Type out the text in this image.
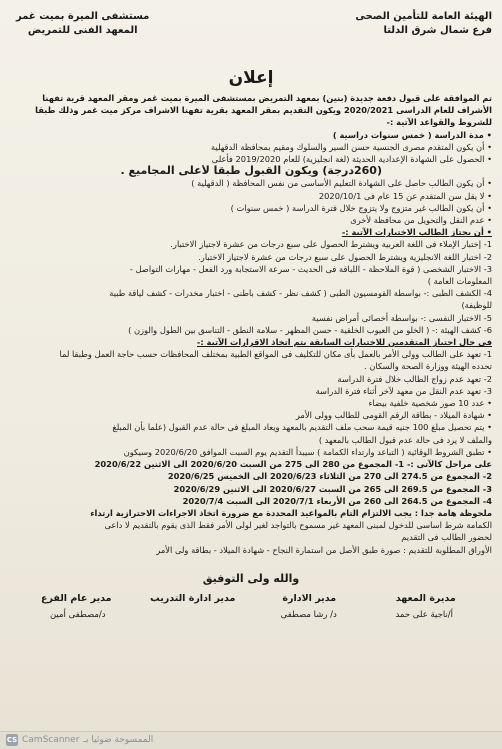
الهيئة العامة للتأمين الصحى
فرع شمال شرق الدلتا
مستشفى الميرة بميت غمر
المعهد الفنى للتمريض
إعلان
تم الموافقة على قبول دفعة جديدة (بنين) بمعهد التمريض بمستشفى الميرة بميت غمر ومقر المعهد قرية تفهنا
الأشراف للعام الدراسى 2020/2021 ويكون التقديم بمقر المعهد بقرية تفهنا الاشراف مركز ميت غمر وذلك طبقا
للشروط والقواعد الآتية :-
• مدة الدراسة ( خمس سنوات دراسية )
• أن يكون المتقدم مصرى الجنسية حسن السير والسلوك ومقيم بمحافظة الدقهلية
• الحصول على الشهادة الإعدادية الحديثة (لغة انجليزية) للعام 2019/2020 فأعلى
(260درجة) ويكون القبول طبقا لأعلى المجاميع .
• أن يكون الطالب حاصل على الشهادة التعليم الأساسى من نفس المحافظة ( الدقهلية )
• لا يقل سن المتقدم عن 15 عام فى 2020/10/1
• أن يكون الطالب غير متزوج ولا يتزوج خلال فترة الدراسة ( خمس سنوات )
• عدم النقل والتحويل من محافظة لأخرى
• أن يجتاز الطالب الاختبارات الآتية :-
1- إختبار الإملاء فى اللغة العربية ويشترط الحصول على سبع درجات من عشرة لاجتياز الاختبار.
2- اختبار اللغة الانجليزية ويشترط الحصول على سبع درجات من عشرة لاجتياز الاختبار.
3- الاختبار الشخصى ( قوة الملاحظة - اللباقة فى الحديث - سرعة الاستجابة ورد الفعل - مهارات التواصل -
المعلومات العامة )
4- الكشف الطبى :- بواسطة القومسيون الطبى ( كشف نظر - كشف باطنى - اختبار مخدرات - كشف لياقة طبية
للوظيفة)
5- الاختبار النفسى :- بواسطة أخصائى أمراض نفسية
6- كشف الهيئة :- ( الخلو من العيوب الخلقية - حسن المظهر - سلامة النطق - التناسق بين الطول والوزن )
فى حال اجتياز المتقدمين للاختبارات السابقة يتم اتخاذ الاقرارات الآتية :-
1- تعهد على الطالب وولى الأمر بالعمل بأى مكان للتكليف فى المواقع الطبية بمختلف المحافظات حسب حاجة العمل وطبقا لما
تحدده الهيئة ووزارة الصحة والسكان .
2- تعهد عدم زواج الطالب خلال فترة الدراسة
3- تعهد عدم النقل من معهد لآخر أثناء فترة الدراسة
• عدد 10 صور شخصية خلفية بيضاء
• شهادة الميلاد - بطاقة الرقم القومى للطالب وولى الأمر
• يتم تحصيل مبلغ 100 جنيه قيمة سحب ملف التقديم بالمعهد ويعاد المبلغ فى حالة عدم القبول (علما بأن المبلغ
والملف لا يرد فى حالة عدم قبول الطالب بالمعهد )
• تطبق الشروط الوقائية ( التباعد وارتداء الكمامة ) سيبدأ التقديم يوم السبت الموافق 2020/6/20 وسيكون
على مراحل كالآتى :- 1- المجموع من 280 الى 275 من السبت 2020/6/20 الى الاثنين 2020/6/22
2- المجموع من 274.5 الى 270 من الثلاثاء 2020/6/23 الى الخميس 2020/6/25
3- المجموع من 269.5 الى 265 من السبت 2020/6/27 الى الاثنين 2020/6/29
4- المجموع من 264.5 الى 260 من الأربعاء 2020/7/1 الى السبت 2020/7/4
ملحوظة هامة جدا : يجب الالتزام التام بالمواعيد المحددة مع ضرورة اتخاذ الاجراءات الاحترازية ارتداء
الكمامة شرط اساسى للدخول لمبنى المعهد غير مسموح بالتواجد لغير لولى الأمر فقط الذى يقوم بالتقديم لا داعى
لحضور الطالب فى التقديم
الأوراق المطلوبة للتقديم : صورة طبق الأصل من استمارة النجاح - شهادة الميلاد - بطاقة ولى الأمر
والله ولى التوفيق
مديرة المعهد
مدير الادارة
مدير ادارة التدريب
مدير عام الفرع
أ/ناجية على حمد
د/ رشا مصطفى
د/مصطفى أمين
CS CamScanner الممسوحة ضوئيا بـ
